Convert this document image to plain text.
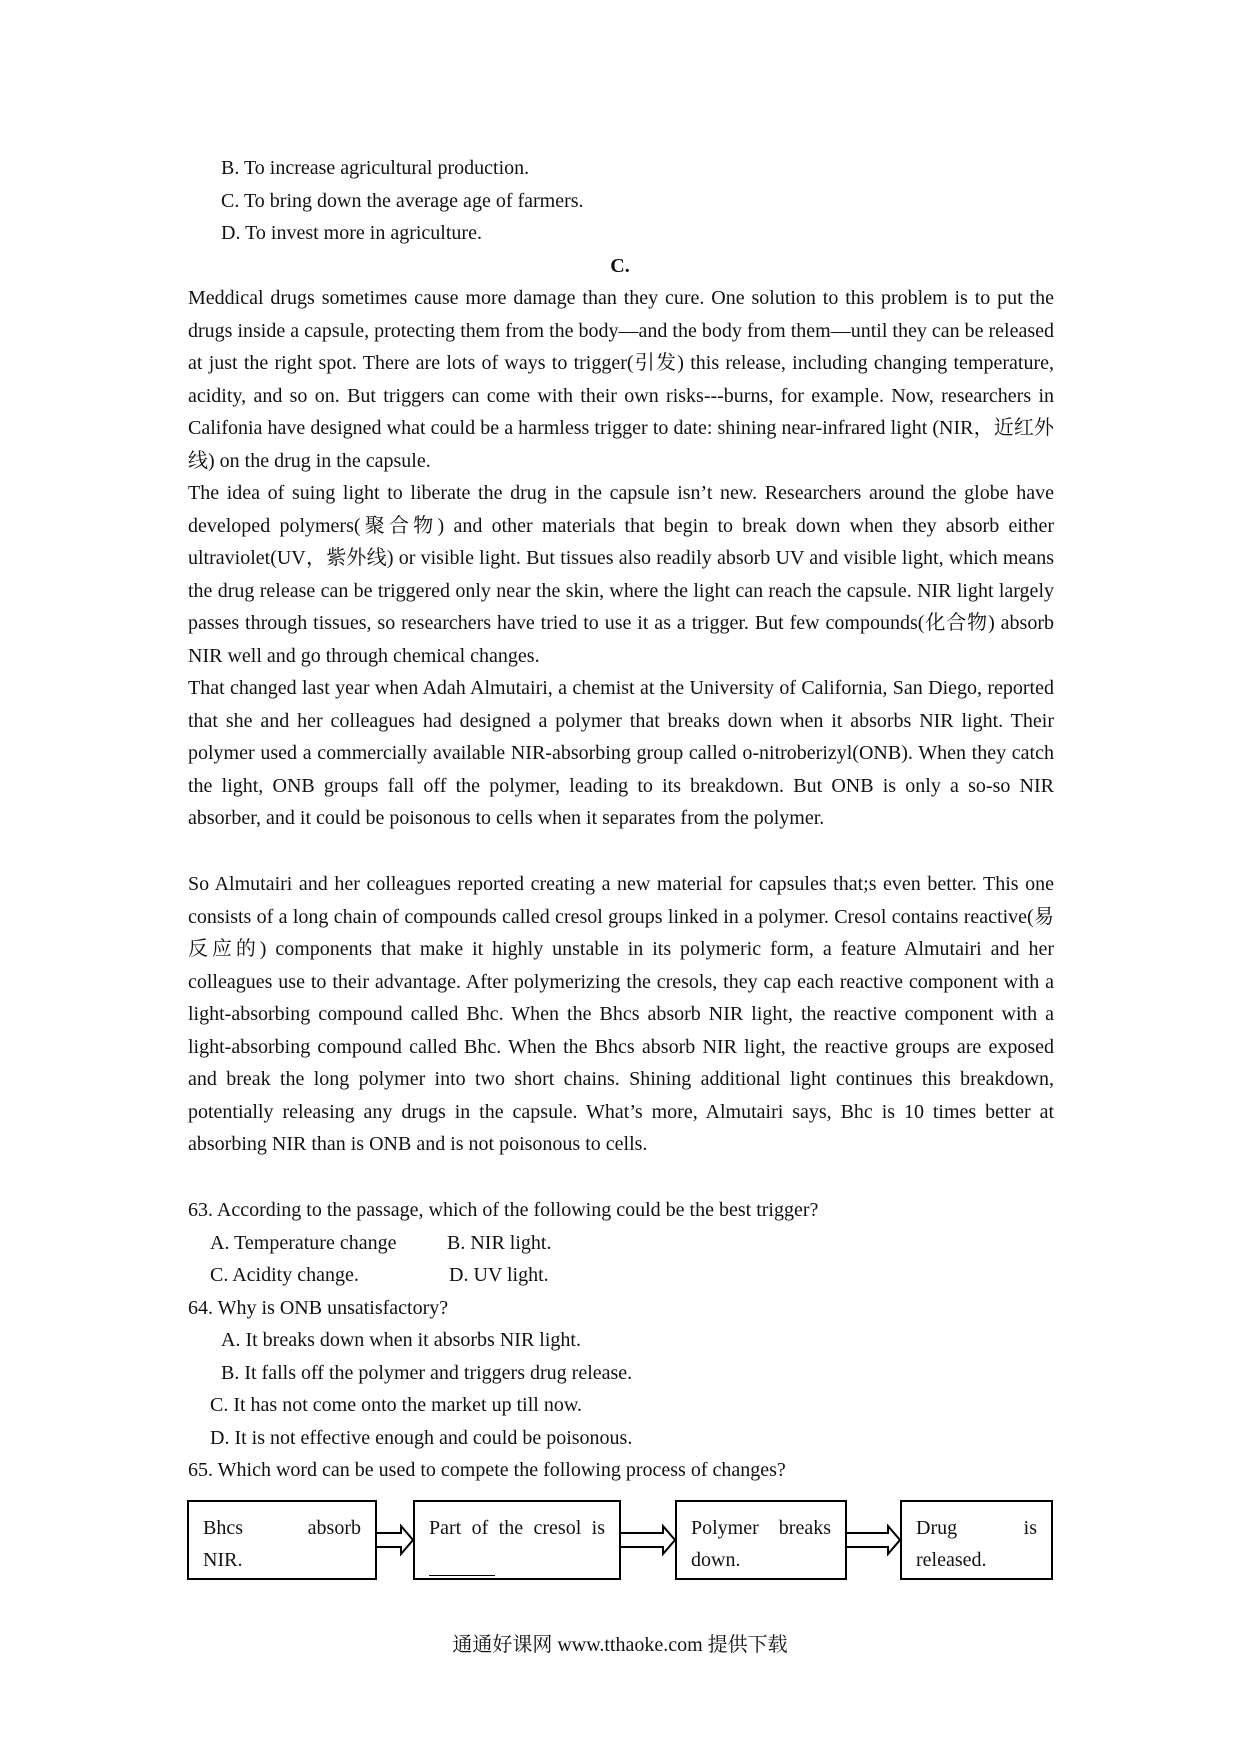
B. To increase agricultural production.
C. To bring down the average age of farmers.
D. To invest more in agriculture.
C.

Meddical drugs sometimes cause more damage than they cure. One solution to this problem is to put the drugs inside a capsule, protecting them from the body—and the body from them—until they can be released at just the right spot. There are lots of ways to trigger(引发) this release, including changing temperature, acidity, and so on. But triggers can come with their own risks---burns, for example. Now, researchers in Califonia have designed what could be a harmless trigger to date: shining near-infrared light (NIR，近红外线) on the drug in the capsule.

The idea of suing light to liberate the drug in the capsule isn’t new. Researchers around the globe have developed polymers(聚合物) and other materials that begin to break down when they absorb either ultraviolet(UV，紫外线) or visible light. But tissues also readily absorb UV and visible light, which means the drug release can be triggered only near the skin, where the light can reach the capsule. NIR light largely passes through tissues, so researchers have tried to use it as a trigger. But few compounds(化合物) absorb NIR well and go through chemical changes.

That changed last year when Adah Almutairi, a chemist at the University of California, San Diego, reported that she and her colleagues had designed a polymer that breaks down when it absorbs NIR light. Their polymer used a commercially available NIR-absorbing group called o-nitroberizyl(ONB). When they catch the light, ONB groups fall off the polymer, leading to its breakdown. But ONB is only a so-so NIR absorber, and it could be poisonous to cells when it separates from the polymer.

So Almutairi and her colleagues reported creating a new material for capsules that;s even better. This one consists of a long chain of compounds called cresol groups linked in a polymer. Cresol contains reactive(易反应的) components that make it highly unstable in its polymeric form, a feature Almutairi and her colleagues use to their advantage. After polymerizing the cresols, they cap each reactive component with a light-absorbing compound called Bhc. When the Bhcs absorb NIR light, the reactive component with a light-absorbing compound called Bhc. When the Bhcs absorb NIR light, the reactive groups are exposed and break the long polymer into two short chains. Shining additional light continues this breakdown, potentially releasing any drugs in the capsule. What’s more, Almutairi says, Bhc is 10 times better at absorbing NIR than is ONB and is not poisonous to cells.

63. According to the passage, which of the following could be the best trigger?
A. Temperature change	B. NIR light.
C. Acidity change.	D. UV light.
64. Why is ONB unsatisfactory?
A. It breaks down when it absorbs NIR light.
B. It falls off the polymer and triggers drug release.
C. It has not come onto the market up till now.
D. It is not effective enough and could be poisonous.
65. Which word can be used to compete the following process of changes?
Bhcs absorb
NIR.
Part of the cresol is	Polymer breaks
down.
Drug is
released.
通通好课网 www.tthaoke.com 提供下载
